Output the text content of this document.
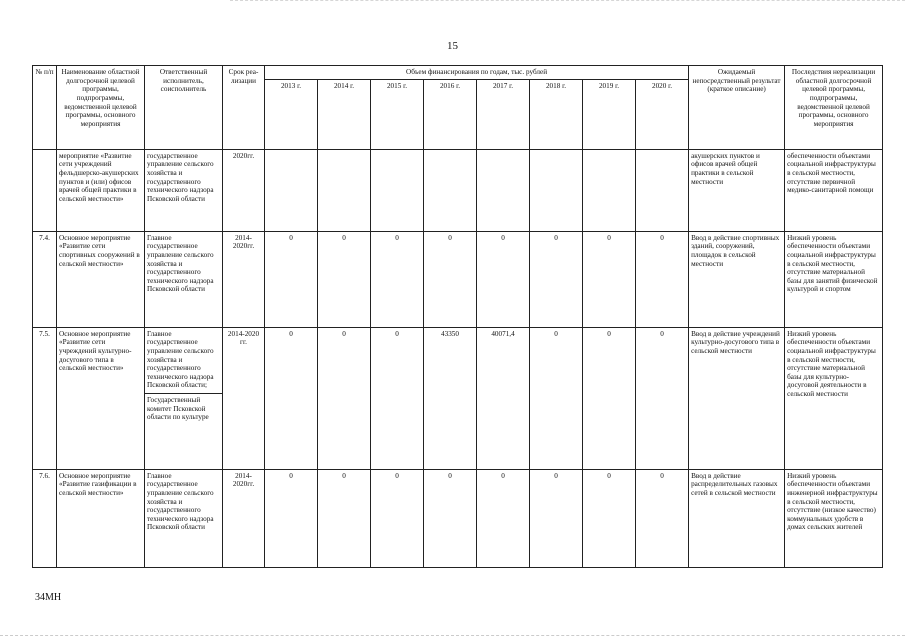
15
№ п/п	Наименование областной долгосрочной целевой программы, подпрограммы, ведомственной целевой программы, основного мероприятия	Ответственный исполнитель, соисполнитель	Срок реа-лизации	Объем финансирования по годам, тыс. рублей								Ожидаемый непосредственный результат (краткое описание)	Последствия нереализации областной долгосрочной целевой программы, подпрограммы, ведомственной целевой программы, основного мероприятия
				2013 г.	2014 г.	2015 г.	2016 г.	2017 г.	2018 г.	2019 г.	2020 г.		
	мероприятие «Развитие сети учреждений фельдшерско-акушерских пунктов и (или) офисов врачей общей практики в сельской местности»	государственное управление сельского хозяйства и государственного технического надзора Псковской области	2020гг.									акушерских пунктов и офисов врачей общей практики в сельской местности	обеспеченности объектами социальной инфраструктуры в сельской местности, отсутствие первичной медико-санитарной помощи
7.4.	Основное мероприятие «Развитие сети спортивных сооружений в сельской местности»	Главное государственное управление сельского хозяйства и государственного технического надзора Псковской области	2014-2020гг.	0	0	0	0	0	0	0	0	Ввод в действие спортивных зданий, сооружений, площадок в сельской местности	Низкий уровень обеспеченности объектами социальной инфраструктуры в сельской местности, отсутствие материальной базы для занятий физической культурой и спортом
7.5.	Основное мероприятие «Развитие сети учреждений культурно-досугового типа в сельской местности»	Главное государственное управление сельского хозяйства и государственного технического надзора Псковской области;
Государственный комитет Псковской области по культуре	2014-2020 гг.	0	0	0	43350	40071,4	0	0	0	Ввод в действие учреждений культурно-досугового типа в сельской местности	Низкий уровень обеспеченности объектами социальной инфраструктуры в сельской местности, отсутствие материальной базы для культурно-досуговой деятельности в сельской местности
7.6.	Основное мероприятие «Развитие газификации в сельской местности»	Главное государственное управление сельского хозяйства и государственного технического надзора Псковской области	2014-2020гг.	0	0	0	0	0	0	0	0	Ввод в действие распределительных газовых сетей в сельской местности	Низкий уровень обеспеченности объектами инженерной инфраструктуры в сельской местности, отсутствие (низкое качество) коммунальных удобств в домах сельских жителей
34МН
